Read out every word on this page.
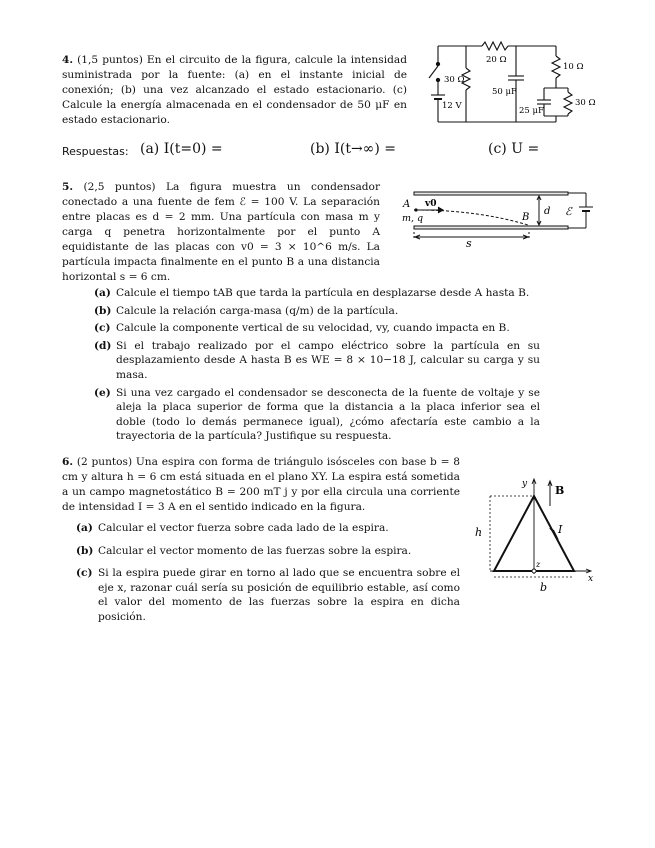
4. (1,5 puntos) En el circuito de la figura, calcule la intensidad suministrada por la fuente: (a) en el instante inicial de conexión; (b) una vez alcanzado el estado estacionario. (c) Calcule la energía almacenada en el condensador de 50 μF en estado estacionario.

20 Ω
10 Ω
30 Ω
30 Ω
50 μF
25 μF
12 V
Respuestas: (a) I(t=0) =	(b) I(t→∞) =	(c) U =

5. (2,5 puntos) La figura muestra un condensador conectado a una fuente de fem ℰ = 100 V. La separación entre placas es d = 2 mm. Una partícula con masa m y carga q penetra horizontalmente por el punto A equidistante de las placas con v0 = 3 × 10^6 m/s. La partícula impacta finalmente en el punto B a una distancia horizontal s = 6 cm.

A v0
m, q	B
d ℰ
s
(a) Calcule el tiempo tAB que tarda la partícula en desplazarse desde A hasta B.
(b) Calcule la relación carga-masa (q/m) de la partícula.
(c) Calcule la componente vertical de su velocidad, vy, cuando impacta en B.
(d) Si el trabajo realizado por el campo eléctrico sobre la partícula en su desplazamiento desde A hasta B es WE = 8 × 10−18 J, calcular su carga y su masa.
(e) Si una vez cargado el condensador se desconecta de la fuente de voltaje y se aleja la placa superior de forma que la distancia a la placa inferior sea el doble (todo lo demás permanece igual), ¿cómo afectaría este cambio a la trayectoria de la partícula? Justifique su respuesta.

6. (2 puntos) Una espira con forma de triángulo isósceles con base b = 8 cm y altura h = 6 cm está situada en el plano XY. La espira está sometida a un campo magnetostático B = 200 mT j y por ella circula una corriente de intensidad I = 3 A en el sentido indicado en la figura.

(a) Calcular el vector fuerza sobre cada lado de la espira.
(b) Calcular el vector momento de las fuerzas sobre la espira.
(c) Si la espira puede girar en torno al lado que se encuentra sobre el eje x, razonar cuál sería su posición de equilibrio estable, así como el valor del momento de las fuerzas sobre la espira en dicha posición.
y	B
h	I
z
x
b
